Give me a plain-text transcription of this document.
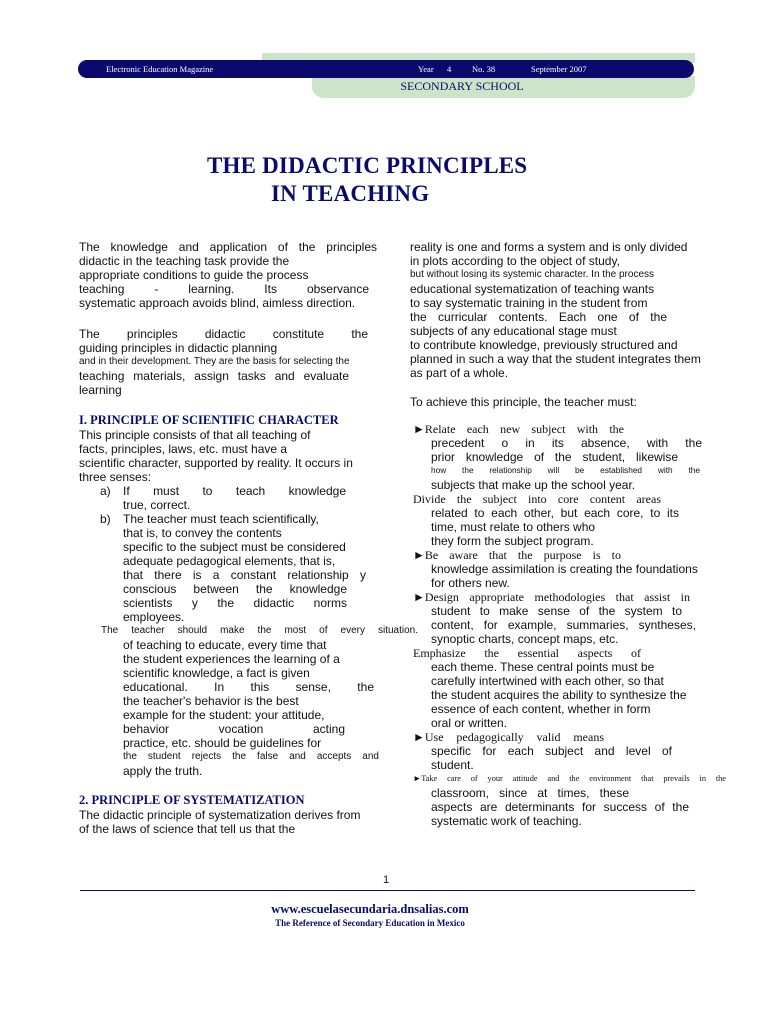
Electronic Education Magazine	Year 4 No. 38	September 2007
SECONDARY SCHOOL
THE DIDACTIC PRINCIPLES
IN TEACHING
The knowledge and application of the principles
didactic in the teaching task provide the
appropriate conditions to guide the process
teaching - learning. Its observance
systematic approach avoids blind, aimless direction.
The principles didactic constitute the
guiding principles in didactic planning
and in their development. They are the basis for selecting the
teaching materials, assign tasks and evaluate
learning
I. PRINCIPLE OF SCIENTIFIC CHARACTER
This principle consists of that all teaching of
facts, principles, laws, etc. must have a
scientific character, supported by reality. It occurs in
three senses:
a) If must to teach knowledge
true, correct.
b) The teacher must teach scientifically,
that is, to convey the contents
specific to the subject must be considered
adequate pedagogical elements, that is,
that there is a constant relationship y
conscious between the knowledge
scientists y the didactic norms
employees.
The teacher should make the most of every situation.
of teaching to educate, every time that
the student experiences the learning of a
scientific knowledge, a fact is given
educational. In this sense, the
the teacher's behavior is the best
example for the student: your attitude,
behavior vocation acting
practice, etc. should be guidelines for
the student rejects the false and accepts and
apply the truth.
2. PRINCIPLE OF SYSTEMATIZATION
The didactic principle of systematization derives from
of the laws of science that tell us that the
reality is one and forms a system and is only divided
in plots according to the object of study,
but without losing its systemic character. In the process
educational systematization of teaching wants
to say systematic training in the student from
the curricular contents. Each one of the
subjects of any educational stage must
to contribute knowledge, previously structured and
planned in such a way that the student integrates them
as part of a whole.
To achieve this principle, the teacher must:
►Relate each new subject with the
precedent o in its absence, with the
prior knowledge of the student, likewise
how the relationship will be established with the
subjects that make up the school year.
Divide the subject into core content areas
related to each other, but each core, to its
time, must relate to others who
they form the subject program.
►Be aware that the purpose is to
knowledge assimilation is creating the foundations
for others new.
►Design appropriate methodologies that assist in
student to make sense of the system to
content, for example, summaries, syntheses,
synoptic charts, concept maps, etc.
Emphasize the essential aspects of
each theme. These central points must be
carefully intertwined with each other, so that
the student acquires the ability to synthesize the
essence of each content, whether in form
oral or written.
►Use pedagogically valid means
specific for each subject and level of
student.
►Take care of your attitude and the environment that prevails in the
classroom, since at times, these
aspects are determinants for success of the
systematic work of teaching.
1
www.escuelasecundaria.dnsalias.com
The Reference of Secondary Education in Mexico
